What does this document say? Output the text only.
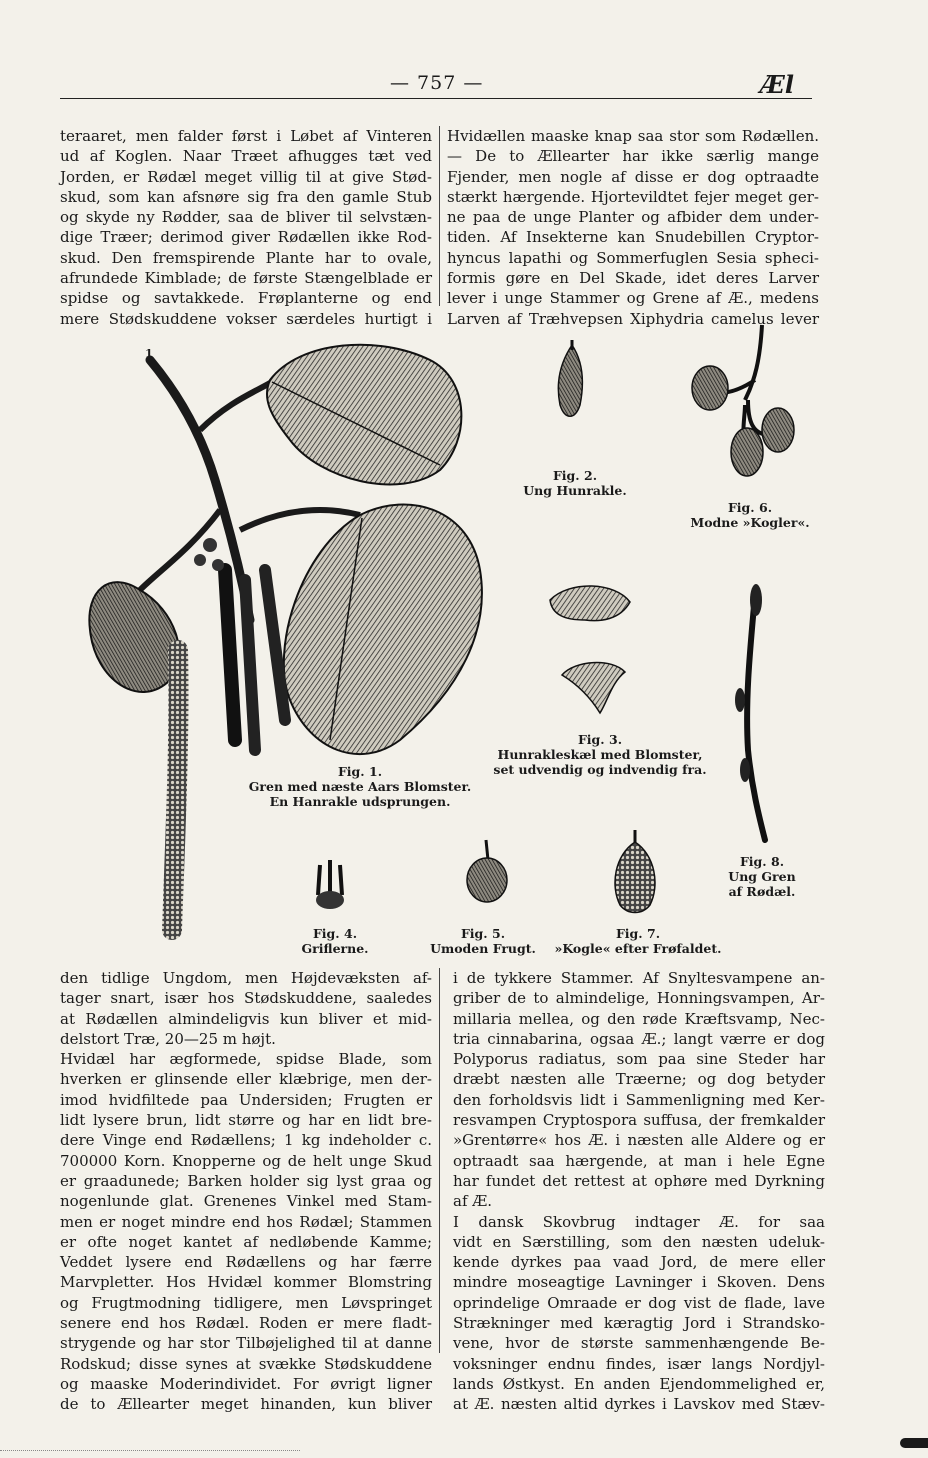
— 757 —	Æl
teraaret, men falder først i Løbet af Vinteren
ud af Koglen. Naar Træet afhugges tæt ved
Jorden, er Rødæl meget villig til at give Stød-
skud, som kan afsnøre sig fra den gamle Stub
og skyde ny Rødder, saa de bliver til selvstæn-
dige Træer; derimod giver Rødællen ikke Rod-
skud. Den fremspirende Plante har to ovale,
afrundede Kimblade; de første Stængelblade er
spidse og savtakkede. Frøplanterne og end
mere Stødskuddene vokser særdeles hurtigt i
Hvidællen maaske knap saa stor som Rødællen.
— De to Ællearter har ikke særlig mange
Fjender, men nogle af disse er dog optraadte
stærkt hærgende. Hjortevildtet fejer meget ger-
ne paa de unge Planter og afbider dem under-
tiden. Af Insekterne kan Snudebillen Cryptor-
hyncus lapathi og Sommerfuglen Sesia spheci-
formis gøre en Del Skade, idet deres Larver
lever i unge Stammer og Grene af Æ., medens
Larven af Træhvepsen Xiphydria camelus lever
1
Fig. 1.
Gren med næste Aars Blomster.
En Hanrakle udsprungen.
Fig. 2.
Ung Hunrakle.
Fig. 3.
Hunrakleskæl med Blomster,
set udvendig og indvendig fra.
Fig. 4.
Griflerne.
Fig. 5.
Umoden Frugt.
Fig. 6.
Modne »Kogler«.
Fig. 7.
»Kogle« efter Frøfaldet.
Fig. 8.
Ung Gren
af Rødæl.
den tidlige Ungdom, men Højdevæksten af-
tager snart, især hos Stødskuddene, saaledes
at Rødællen almindeligvis kun bliver et mid-
delstort Træ, 20—25 m højt.
Hvidæl har ægformede, spidse Blade, som
hverken er glinsende eller klæbrige, men der-
imod hvidfiltede paa Undersiden; Frugten er
lidt lysere brun, lidt større og har en lidt bre-
dere Vinge end Rødællens; 1 kg indeholder c.
700000 Korn. Knopperne og de helt unge Skud
er graadunede; Barken holder sig lyst graa og
nogenlunde glat. Grenenes Vinkel med Stam-
men er noget mindre end hos Rødæl; Stammen
er ofte noget kantet af nedløbende Kamme;
Veddet lysere end Rødællens og har færre
Marvpletter. Hos Hvidæl kommer Blomstring
og Frugtmodning tidligere, men Løvspringet
senere end hos Rødæl. Roden er mere fladt-
strygende og har stor Tilbøjelighed til at danne
Rodskud; disse synes at svække Stødskuddene
og maaske Moderindividet. For øvrigt ligner
de to Ællearter meget hinanden, kun bliver
i de tykkere Stammer. Af Snyltesvampene an-
griber de to almindelige, Honningsvampen, Ar-
millaria mellea, og den røde Kræftsvamp, Nec-
tria cinnabarina, ogsaa Æ.; langt værre er dog
Polyporus radiatus, som paa sine Steder har
dræbt næsten alle Træerne; og dog betyder
den forholdsvis lidt i Sammenligning med Ker-
resvampen Cryptospora suffusa, der fremkalder
»Grentørre« hos Æ. i næsten alle Aldere og er
optraadt saa hærgende, at man i hele Egne
har fundet det rettest at ophøre med Dyrkning
af Æ.
I dansk Skovbrug indtager Æ. for saa
vidt en Særstilling, som den næsten udeluk-
kende dyrkes paa vaad Jord, de mere eller
mindre moseagtige Lavninger i Skoven. Dens
oprindelige Omraade er dog vist de flade, lave
Strækninger med kæragtig Jord i Strandsko-
vene, hvor de største sammenhængende Be-
voksninger endnu findes, især langs Nordjyl-
lands Østkyst. En anden Ejendommelighed er,
at Æ. næsten altid dyrkes i Lavskov med Stæv-
